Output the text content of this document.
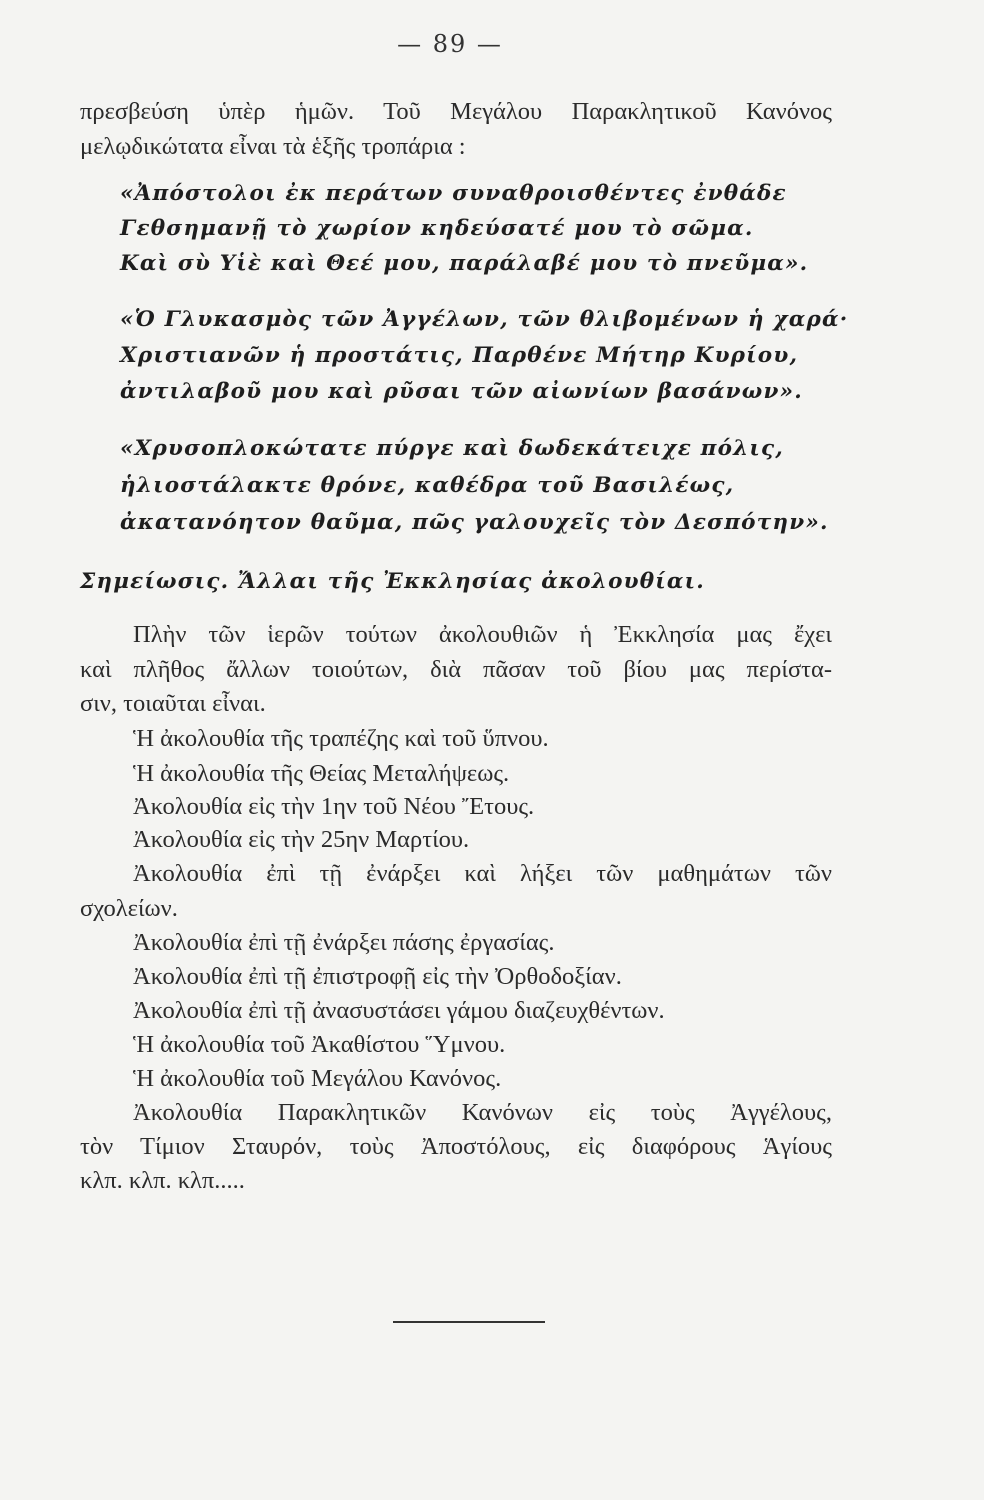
— 89 —
πρεσβεύση ὑπὲρ ἡμῶν. Τοῦ Μεγάλου Παρακλητικοῦ Κανόνος
μελῳδικώτατα εἶναι τὰ ἑξῆς τροπάρια :
«Ἀπόστολοι ἐκ περάτων συναθροισθέντες ἐνθάδε
Γεθσημανῇ τὸ χωρίον κηδεύσατέ μου τὸ σῶμα.
Καὶ σὺ Υἱὲ καὶ Θεέ μου, παράλαβέ μου τὸ πνεῦμα».
«Ὁ Γλυκασμὸς τῶν Ἀγγέλων, τῶν θλιβομένων ἡ χαρά·
Χριστιανῶν ἡ προστάτις, Παρθένε Μήτηρ Κυρίου,
ἀντιλαβοῦ μου καὶ ρῦσαι τῶν αἰωνίων βασάνων».
«Χρυσοπλοκώτατε πύργε καὶ δωδεκάτειχε πόλις,
ἡλιοστάλακτε θρόνε, καθέδρα τοῦ Βασιλέως,
ἀκατανόητον θαῦμα, πῶς γαλουχεῖς τὸν Δεσπότην».
Σημείωσις. Ἄλλαι τῆς Ἐκκλησίας ἀκολουθίαι.
Πλὴν τῶν ἱερῶν τούτων ἀκολουθιῶν ἡ Ἐκκλησία μας ἔχει
καὶ πλῆθος ἄλλων τοιούτων, διὰ πᾶσαν τοῦ βίου μας περίστα-
σιν, τοιαῦται εἶναι.
Ἡ ἀκολουθία τῆς τραπέζης καὶ τοῦ ὕπνου.
Ἡ ἀκολουθία τῆς Θείας Μεταλήψεως.
Ἀκολουθία εἰς τὴν 1ην τοῦ Νέου Ἔτους.
Ἀκολουθία εἰς τὴν 25ην Μαρτίου.
Ἀκολουθία ἐπὶ τῇ ἐνάρξει καὶ λήξει τῶν μαθημάτων τῶν
σχολείων.
Ἀκολουθία ἐπὶ τῇ ἐνάρξει πάσης ἐργασίας.
Ἀκολουθία ἐπὶ τῇ ἐπιστροφῇ εἰς τὴν Ὀρθοδοξίαν.
Ἀκολουθία ἐπὶ τῇ ἀνασυστάσει γάμου διαζευχθέντων.
Ἡ ἀκολουθία τοῦ Ἀκαθίστου Ὕμνου.
Ἡ ἀκολουθία τοῦ Μεγάλου Κανόνος.
Ἀκολουθία Παρακλητικῶν Κανόνων εἰς τοὺς Ἀγγέλους,
τὸν Τίμιον Σταυρόν, τοὺς Ἀποστόλους, εἰς διαφόρους Ἁγίους
κλπ. κλπ. κλπ.....
